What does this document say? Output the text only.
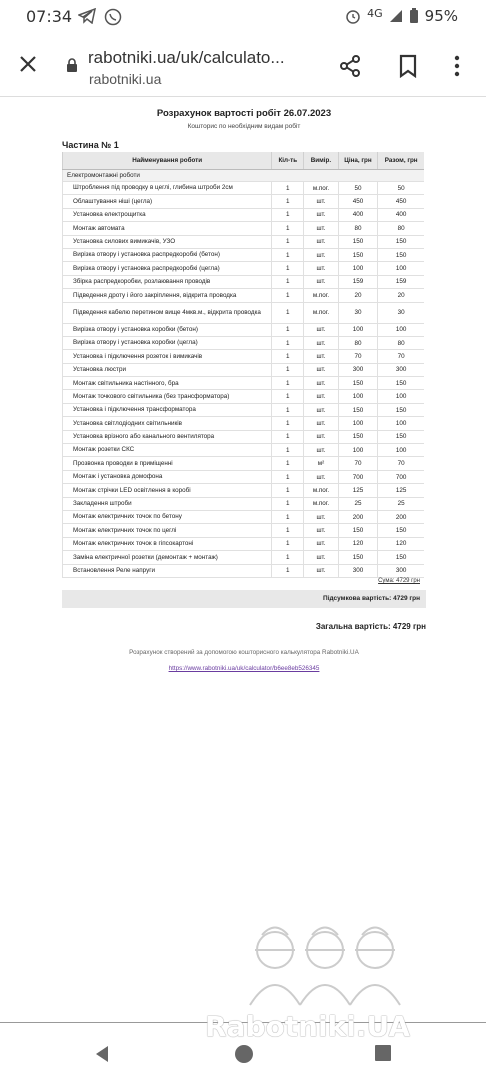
07:34	4G	95%
rabotniki.ua/uk/calculato...
rabotniki.ua
Розрахунок вартості робіт 26.07.2023
Кошторис по необхідним видам робіт
Частина № 1
Найменування роботи	Кіл-ть	Вимір.	Ціна, грн	Разом, грн
Електромонтажні роботи				
Штроблення під проводку в цеглі, глибина штроби 2см	1	м.пог.	50	50
Облаштування ніші (цегла)	1	шт.	450	450
Установка електрощитка	1	шт.	400	400
Монтаж автомата	1	шт.	80	80
Установка силових вимикачів, УЗО	1	шт.	150	150
Вирізка отвору і установка распредкоробкі (бетон)	1	шт.	150	150
Вирізка отвору і установка распредкоробкі (цегла)	1	шт.	100	100
Збірка распредкоробки, розлаювання проводів	1	шт.	159	159
Підведення дроту і його закріплення, відкрита проводка	1	м.пог.	20	20
Підведення кабелю перетином вище 4мкв.м., відкрита проводка	1	м.пог.	30	30
Вирізка отвору і установка коробки (бетон)	1	шт.	100	100
Вирізка отвору і установка коробки (цегла)	1	шт.	80	80
Установка і підключення розеток і вимикачів	1	шт.	70	70
Установка люстри	1	шт.	300	300
Монтаж світильника настінного, бра	1	шт.	150	150
Монтаж точкового світильника (без трансформатора)	1	шт.	100	100
Установка і підключення трансформатора	1	шт.	150	150
Установка світлодіодних світильників	1	шт.	100	100
Установка врізного або канального вентилятора	1	шт.	150	150
Монтаж розетки СКС	1	шт.	100	100
Прозвонка проводки в приміщенні	1	м²	70	70
Монтаж і установка домофона	1	шт.	700	700
Монтаж стрічки LED освітлення в коробі	1	м.пог.	125	125
Закладення штроби	1	м.пог.	25	25
Монтаж електричних точок по бетону	1	шт.	200	200
Монтаж електричних точок по цеглі	1	шт.	150	150
Монтаж електричних точок в гіпсокартоні	1	шт.	120	120
Заміна електричної розетки (демонтаж + монтаж)	1	шт.	150	150
Встановлення Реле напруги	1	шт.	300	300
Сума: 4729 грн
Підсумкова вартість: 4729 грн
Загальна вартість: 4729 грн
Розрахунок створений за допомогою кошторисного калькулятора Rabotniki.UA
https://www.rabotniki.ua/uk/calculator/b6ee8eb526345
Rabotniki.UA
